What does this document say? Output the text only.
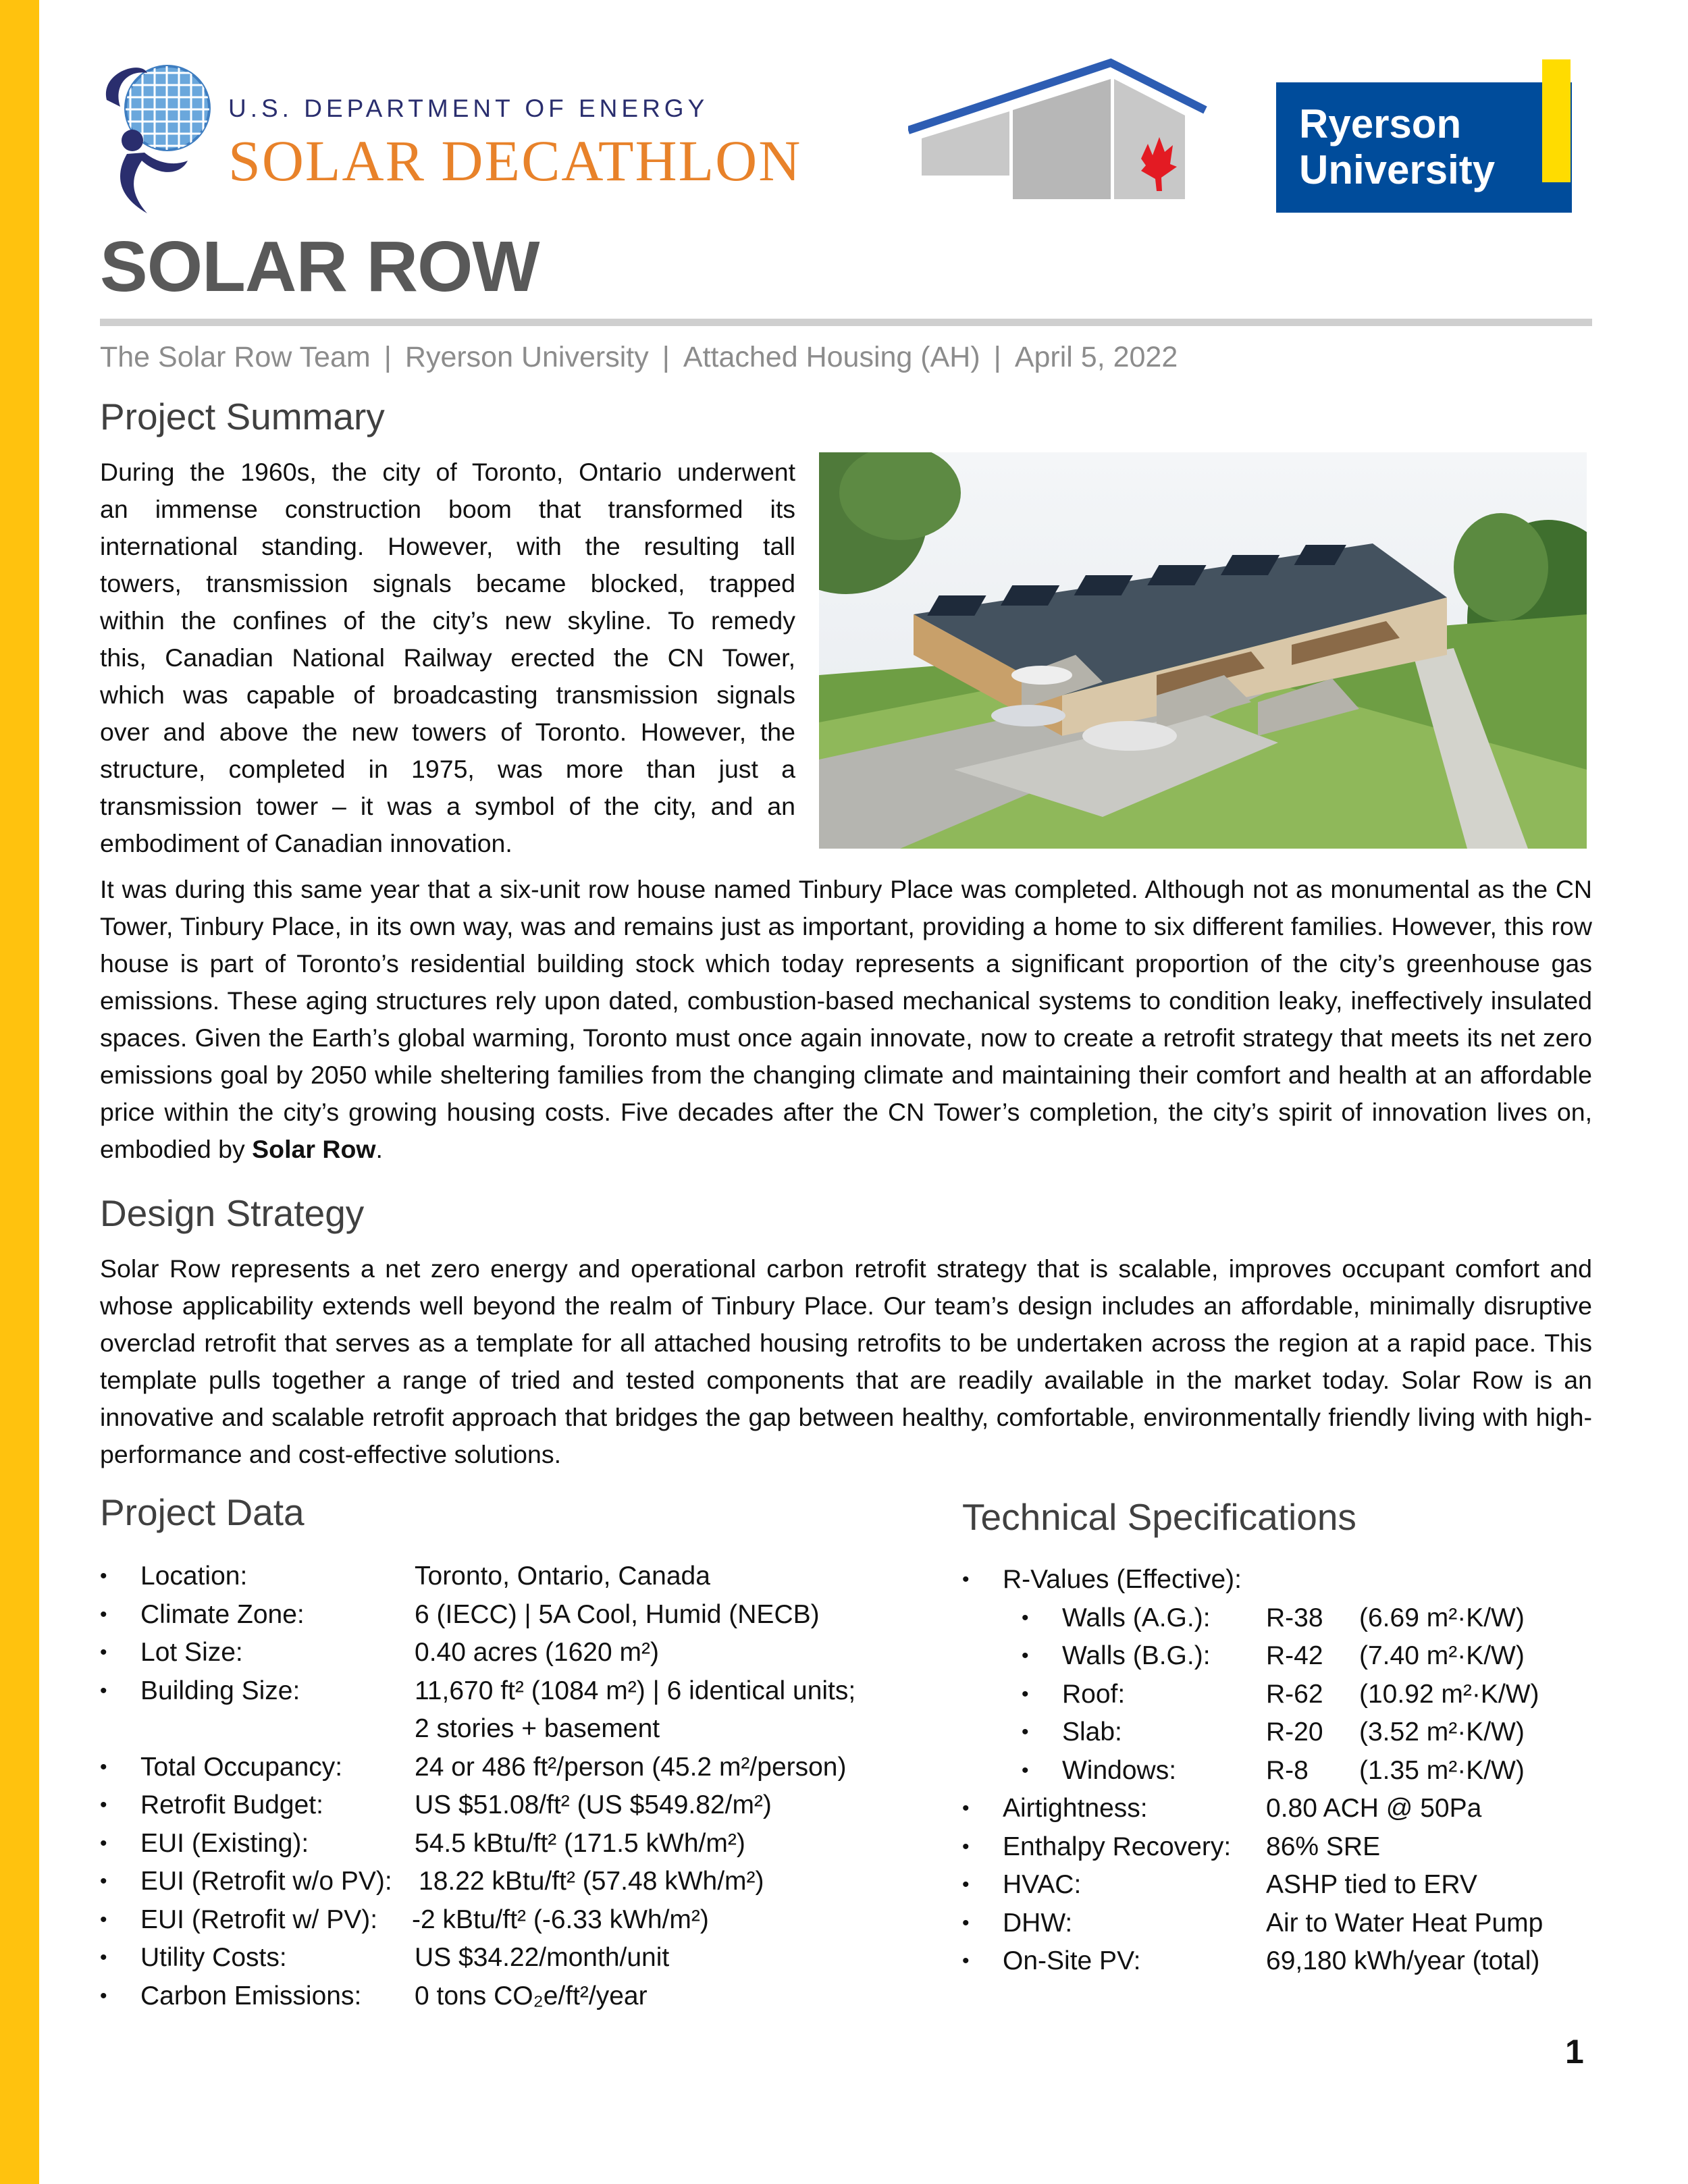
U.S. DEPARTMENT OF ENERGY
SOLAR DECATHLON
Ryerson
University
SOLAR ROW
The Solar Row Team | Ryerson University | Attached Housing (AH) | April 5, 2022
Project Summary
During the 1960s, the city of Toronto, Ontario underwent
an immense construction boom that transformed its
international standing. However, with the resulting tall
towers, transmission signals became blocked, trapped
within the confines of the city’s new skyline. To remedy
this, Canadian National Railway erected the CN Tower,
which was capable of broadcasting transmission signals
over and above the new towers of Toronto. However, the
structure, completed in 1975, was more than just a
transmission tower – it was a symbol of the city, and an
embodiment of Canadian innovation.
It was during this same year that a six-unit row house named Tinbury Place was completed. Although not as monumental as the CN Tower, Tinbury Place, in its own way, was and remains just as important, providing a home to six different families. However, this row house is part of Toronto’s residential building stock which today represents a significant proportion of the city’s greenhouse gas emissions. These aging structures rely upon dated, combustion-based mechanical systems to condition leaky, ineffectively insulated spaces. Given the Earth’s global warming, Toronto must once again innovate, now to create a retrofit strategy that meets its net zero emissions goal by 2050 while sheltering families from the changing climate and maintaining their comfort and health at an affordable price within the city’s growing housing costs. Five decades after the CN Tower’s completion, the city’s spirit of innovation lives on, embodied by Solar Row.
Design Strategy
Solar Row represents a net zero energy and operational carbon retrofit strategy that is scalable, improves occupant comfort and whose applicability extends well beyond the realm of Tinbury Place. Our team’s design includes an affordable, minimally disruptive overclad retrofit that serves as a template for all attached housing retrofits to be undertaken across the region at a rapid pace. This template pulls together a range of tried and tested components that are readily available in the market today. Solar Row is an innovative and scalable retrofit approach that bridges the gap between healthy, comfortable, environmentally friendly living with high-performance and cost-effective solutions.
Project Data
• Location:	Toronto, Ontario, Canada
• Climate Zone:	6 (IECC) | 5A Cool, Humid (NECB)
• Lot Size:	0.40 acres (1620 m²)
• Building Size:	11,670 ft² (1084 m²) | 6 identical units;
2 stories + basement
• Total Occupancy:	24 or 486 ft²/person (45.2 m²/person)
• Retrofit Budget:	US $51.08/ft² (US $549.82/m²)
• EUI (Existing):	54.5 kBtu/ft² (171.5 kWh/m²)
• EUI (Retrofit w/o PV): 18.22 kBtu/ft² (57.48 kWh/m²)
• EUI (Retrofit w/ PV): -2 kBtu/ft² (-6.33 kWh/m²)
• Utility Costs:	US $34.22/month/unit
• Carbon Emissions: 0 tons CO₂e/ft²/year
Technical Specifications
• R-Values (Effective):
• Walls (A.G.): R-38 (6.69 m²·K/W)
• Walls (B.G.): R-42 (7.40 m²·K/W)
• Roof:	R-62 (10.92 m²·K/W)
• Slab:	R-20 (3.52 m²·K/W)
• Windows:	R-8 (1.35 m²·K/W)
• Airtightness:	0.80 ACH @ 50Pa
• Enthalpy Recovery: 86% SRE
• HVAC:	ASHP tied to ERV
• DHW:	Air to Water Heat Pump
• On-Site PV:	69,180 kWh/year (total)
1
